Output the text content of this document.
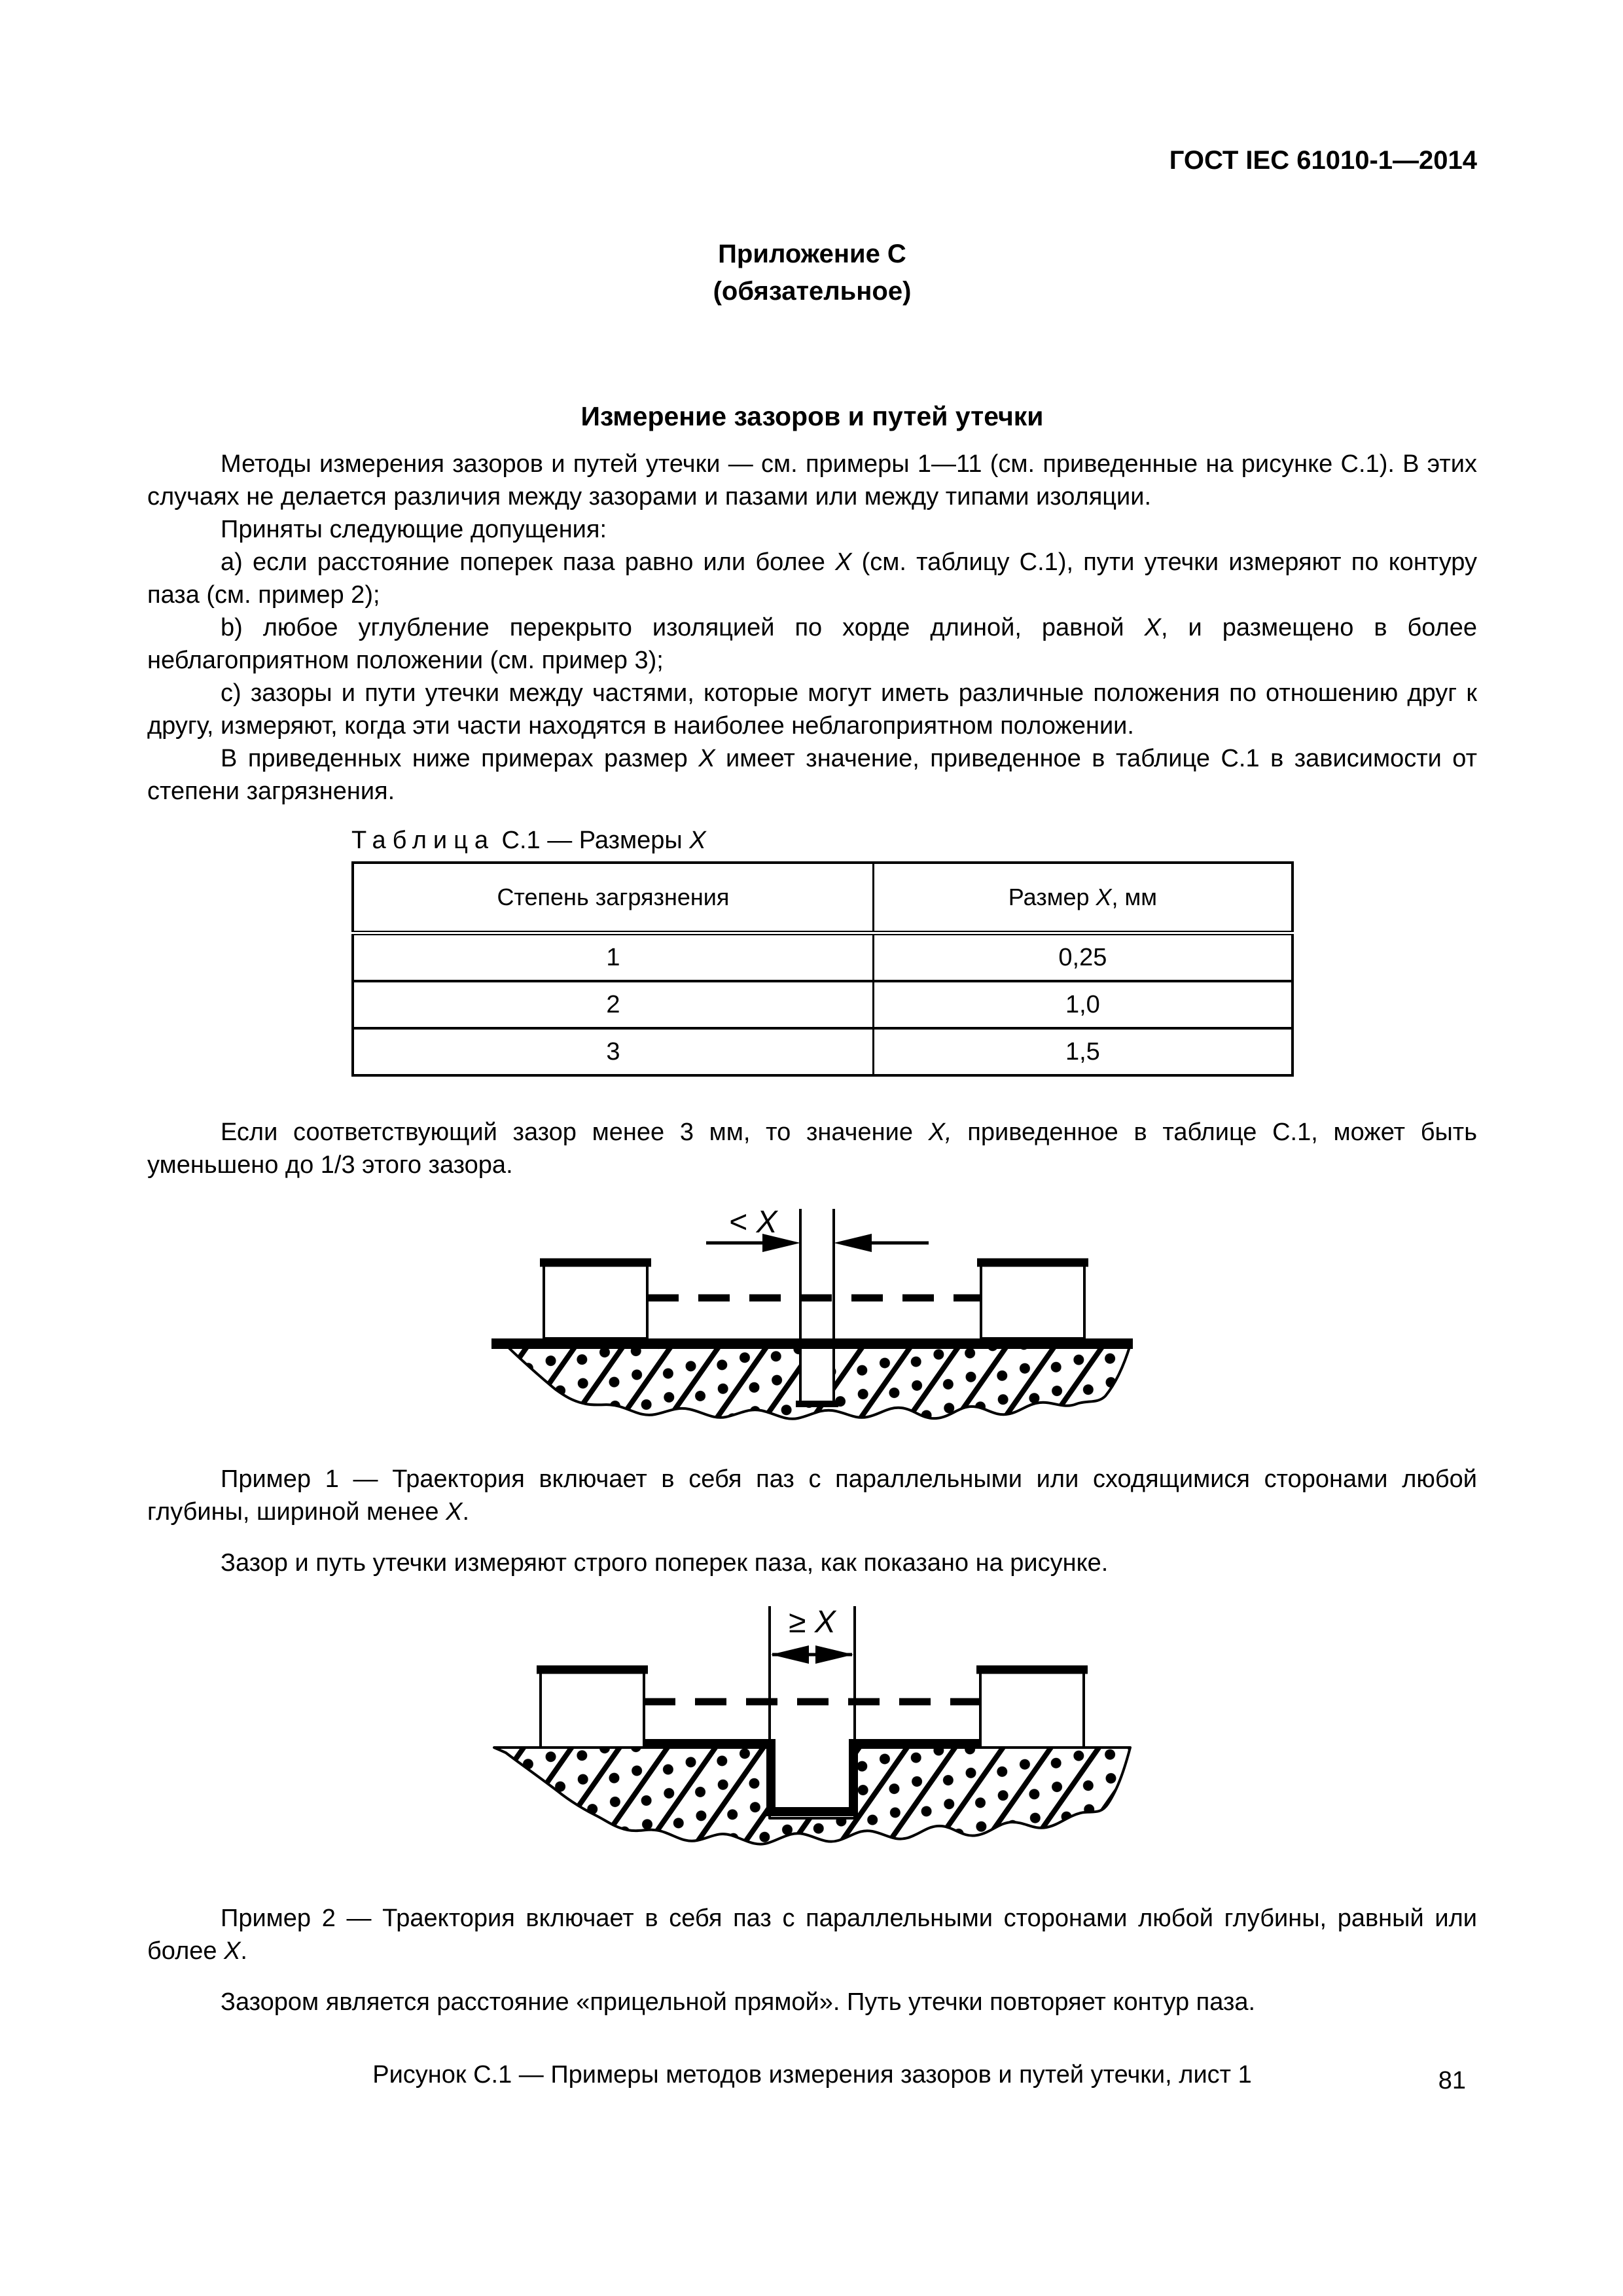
ГОСТ IEC 61010-1—2014
Приложение С
(обязательное)
Измерение зазоров и путей утечки
Методы измерения зазоров и путей утечки — см. примеры 1—11 (см. приведенные на рисунке С.1). В этих случаях не делается различия между зазорами и пазами или между типами изоляции.
Приняты следующие допущения:
a) если расстояние поперек паза равно или более X (см. таблицу С.1), пути утечки измеряют по контуру паза (см. пример 2);
b) любое углубление перекрыто изоляцией по хорде длиной, равной X, и размещено в более неблагоприятном положении (см. пример 3);
c) зазоры и пути утечки между частями, которые могут иметь различные положения по отношению друг к другу, измеряют, когда эти части находятся в наиболее неблагоприятном положении.
В приведенных ниже примерах размер X имеет значение, приведенное в таблице С.1 в зависимости от степени загрязнения.
Таблица С.1 — Размеры X
Степень загрязнения	Размер X, мм
1	0,25
2	1,0
3	1,5
Если соответствующий зазор менее 3 мм, то значение X, приведенное в таблице С.1, может быть уменьшено до 1/3 этого зазора.
< X
Пример 1 — Траектория включает в себя паз с параллельными или сходящимися сторонами любой глубины, шириной менее X.
Зазор и путь утечки измеряют строго поперек паза, как показано на рисунке.
≥ X
Пример 2 — Траектория включает в себя паз с параллельными сторонами любой глубины, равный или более X.
Зазором является расстояние «прицельной прямой». Путь утечки повторяет контур паза.
Рисунок С.1 — Примеры методов измерения зазоров и путей утечки, лист 1	81
